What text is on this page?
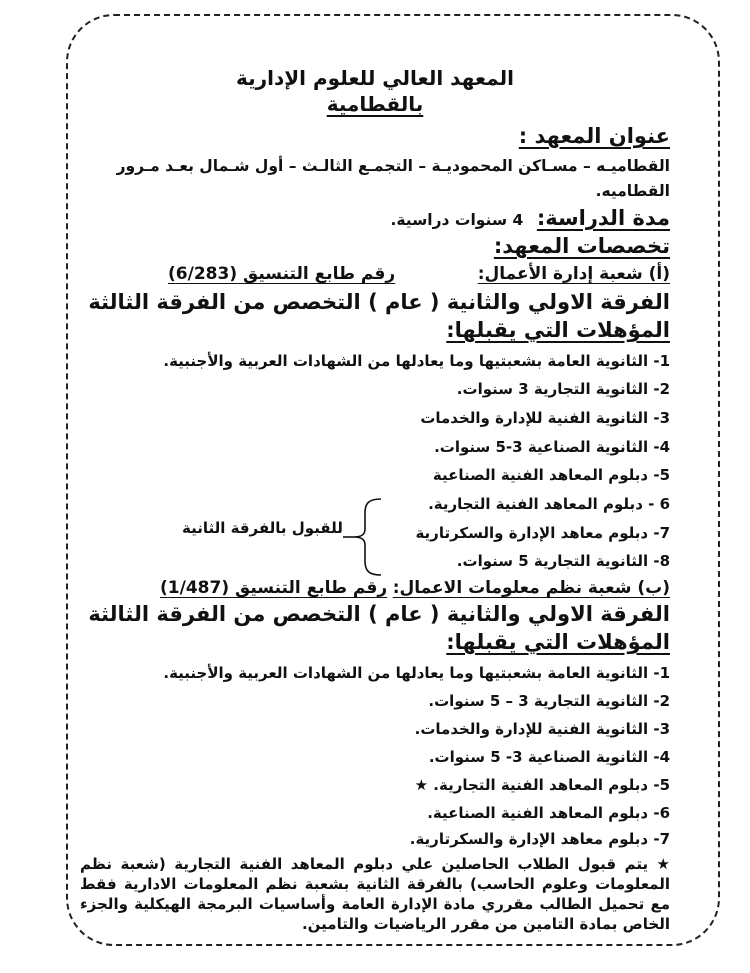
المعهد العالي للعلوم الإدارية
بالقطامية
عنوان المعهد :
القطاميـه – مسـاكن المحموديـة – التجمـع الثالـث – أول شـمال بعـد مـرور
القطاميه.
مدة الدراسة: 4 سنوات دراسية.
تخصصات المعهد:
(أ) شعبة إدارة الأعمال:
رقم طابع التنسيق (6/283)
الفرقة الاولي والثانية ( عام ) التخصص من الفرقة الثالثة
المؤهلات التي يقبلها:
1- الثانوية العامة بشعبتيها وما يعادلها من الشهادات العربية والأجنبية.
2- الثانوية التجارية 3 سنوات.
3- الثانوية الفنية للإدارة والخدمات
4- الثانوية الصناعية 3-5 سنوات.
5- دبلوم المعاهد الفنية الصناعية
6 - دبلوم المعاهد الفنية التجارية.
7- دبلوم معاهد الإدارة والسكرتارية
8- الثانوية التجارية 5 سنوات.
للقبول بالفرقة الثانية
(ب) شعبة نظم معلومات الاعمال:
رقم طابع التنسيق (1/487)
الفرقة الاولي والثانية ( عام ) التخصص من الفرقة الثالثة
المؤهلات التي يقبلها:
1- الثانوية العامة بشعبتيها وما يعادلها من الشهادات العربية والأجنبية.
2- الثانوية التجارية 3 – 5 سنوات.
3- الثانوية الفنية للإدارة والخدمات.
4- الثانوية الصناعية 3- 5 سنوات.
5- دبلوم المعاهد الفنية التجارية. ★
6- دبلوم المعاهد الفنية الصناعية.
7- دبلوم معاهد الإدارة والسكرتارية.
★ يتم قبول الطلاب الحاصلين علي دبلوم المعاهد الفنية التجارية (شعبة نظم المعلومات وعلوم الحاسب) بالفرقة الثانية بشعبة نظم المعلومات الادارية فقط مع تحميل الطالب مقرري مادة الإدارة العامة وأساسيات البرمجة الهيكلية والجزء الخاص بمادة التامين من مقرر الرياضيات والتامين.
